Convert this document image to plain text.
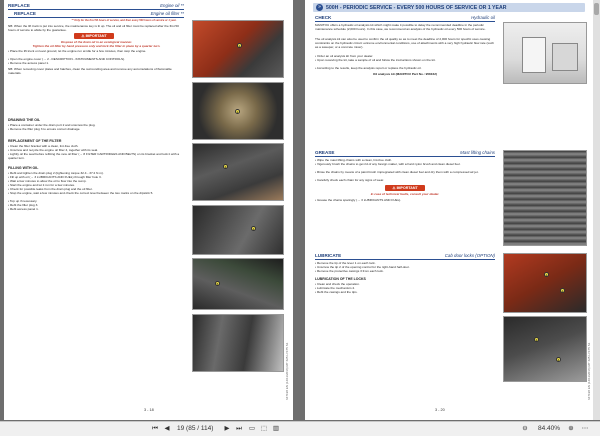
REPLACE	Engine oil **
REPLACE	Engine oil filter **
** Only for the first 50 hours of service, and then every 500 hours of service or 1 year.
NB: When the lift truck is put into service, the maintenance key is lit up. The oil and oil filter must be replaced after the first 50 hours of service to abide by the guarantee.
⚠ IMPORTANT
Dispose of the drain oil in an ecological manner.
Tighten the oil filter by hand pressure only and lock the filter in place by a quarter turn.
• Place the lift truck on level ground, let the engine run at idle for a few minutes, then stop the engine.
• Open the engine cover (→ 2 - DESCRIPTION - INSTRUMENTS AND CONTROLS).
• Remove the access panel 1.
NB: When removing cover plates and hatches, clean the surrounding area and remove any accumulations of flammable materials.
DRAINING THE OIL
• Place a container under the drain port 2 and unscrew the plug.
• Remove the filler plug 3 to ensure correct drainage.
REPLACEMENT OF THE FILTER
• Clean the filter bracket with a clean, lint-free cloth.
• Unscrew and recycle the engine oil filter 4, together with its seal.
• Lightly oil the seal before refitting the new oil filter (→ 8 FILTER CARTRIDGES AND BELTS) on its bracket and lock it with a quarter turn.
FILLING WITH OIL
• Refit and tighten the drain plug 2 (tightening torque 32.4 - 37.2 N.m).
• Fill up with oil (→ 3 LUBRICANTS AND FUEL) through filler hole 3.
• Wait a few minutes to allow the oil to flow into the sump.
• Start the engine and let it run for a few minutes.
• Check for possible leaks from the drain plug and the oil filter.
• Stop the engine, wait a few minutes and check the correct level between the two marks on the dipstick 5.
• Top up if necessary.
• Refit the filler plug 3.
• Refit access panel 1.
1
2
3
4
5
647198 EN (14/11/2016) MT 625 H ST5 S1
3 - 18
» 500H - PERIODIC SERVICE - EVERY 500 HOURS OF SERVICE OR 1 YEAR
CHECK	Hydraulic oil
MANITOU offers a hydraulic oil analysis kit which might make it possible to delay the recommended deadline in the periodic maintenance schedule (2,000 hours). In this case, we recommend an analysis of the hydraulic oil every 500 hours of service.
The oil analysis kit can also be used to confirm the oil quality so as to meet the deadline of 2,000 hours for specific uses causing constraints on the hydraulic circuit: extreme environmental conditions, use of attachments with a very high hydraulic flow rate (such as a sweeper, or a concrete mixer).
• Order an oil analysis kit from your dealer.
• Upon receiving the kit, take a sample of oil and follow the instructions shown on the kit.
• According to the results, keep the analysis report or replace the hydraulic oil.
Oil analysis kit (MANITOU Part No.: 958162)
GREASE	Mast lifting chains
• Wipe the mast lifting chains with a clean, lint-free cloth.
• Vigorously brush the chains to get rid of any foreign matter, with a hard nylon brush and clean diesel fuel.
• Rinse the chains by means of a paint brush impregnated with clean diesel fuel and dry them with a compressed air jet.
• Carefully check each chain for any signs of wear.
⚠ IMPORTANT
In case of technical faults, consult your dealer.
• Grease the chains sparingly (→ 3 LUBRICANTS AND FUEL).
LUBRICATE	Cab door locks (OPTION)
• Remove the tip of the lever 1 on each lock.
• Unscrew the tip 2 of the opening control for the right-hand half-door.
• Remove the protective casings 3 from each lock.
LUBRICATION OF THE LOCKS
• Clean and check the operation.
• Lubricate the mechanism 4.
• Refit the casings and the tips.
1
2
3
4	647198 EN (14/11/2016) MT 625 H ST5 S1
3 - 20
⏮	◀	19 (85 / 114)	▶	⏭	▭ ⬚ ▥	⊖	84.40%	⊕	⋯
